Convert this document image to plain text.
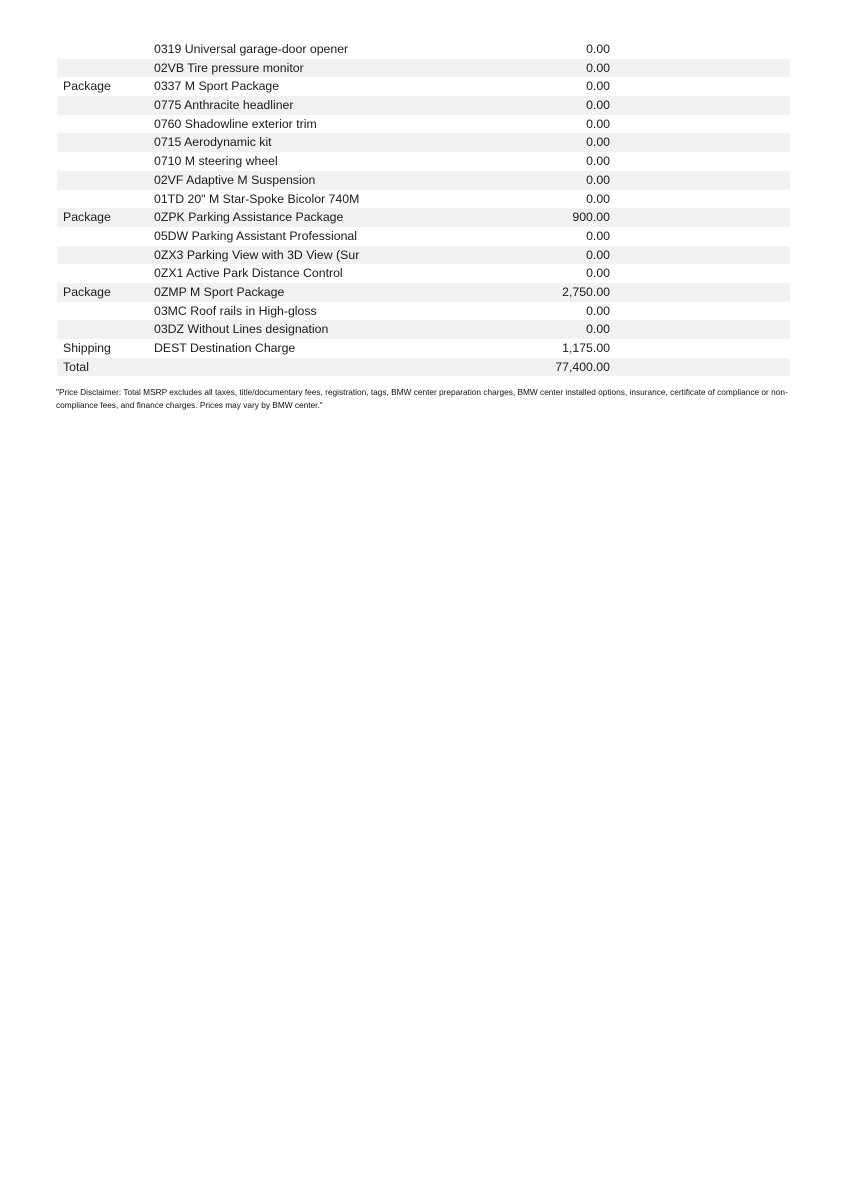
0319 Universal garage-door opener	0.00
02VB Tire pressure monitor	0.00
Package	0337 M Sport Package	0.00
0775 Anthracite headliner	0.00
0760 Shadowline exterior trim	0.00
0715 Aerodynamic kit	0.00
0710 M steering wheel	0.00
02VF Adaptive M Suspension	0.00
01TD 20" M Star-Spoke Bicolor 740M	0.00
Package	0ZPK Parking Assistance Package	900.00
05DW Parking Assistant Professional	0.00
0ZX3 Parking View with 3D View (Sur	0.00
0ZX1 Active Park Distance Control	0.00
Package	0ZMP M Sport Package	2,750.00
03MC Roof rails in High-gloss	0.00
03DZ Without Lines designation	0.00
Shipping	DEST Destination Charge	1,175.00
Total	77,400.00

"Price Disclaimer: Total MSRP excludes all taxes, title/documentary fees, registration, tags, BMW center preparation charges, BMW center installed options, insurance, certificate of compliance or non-compliance fees, and finance charges. Prices may vary by BMW center."
